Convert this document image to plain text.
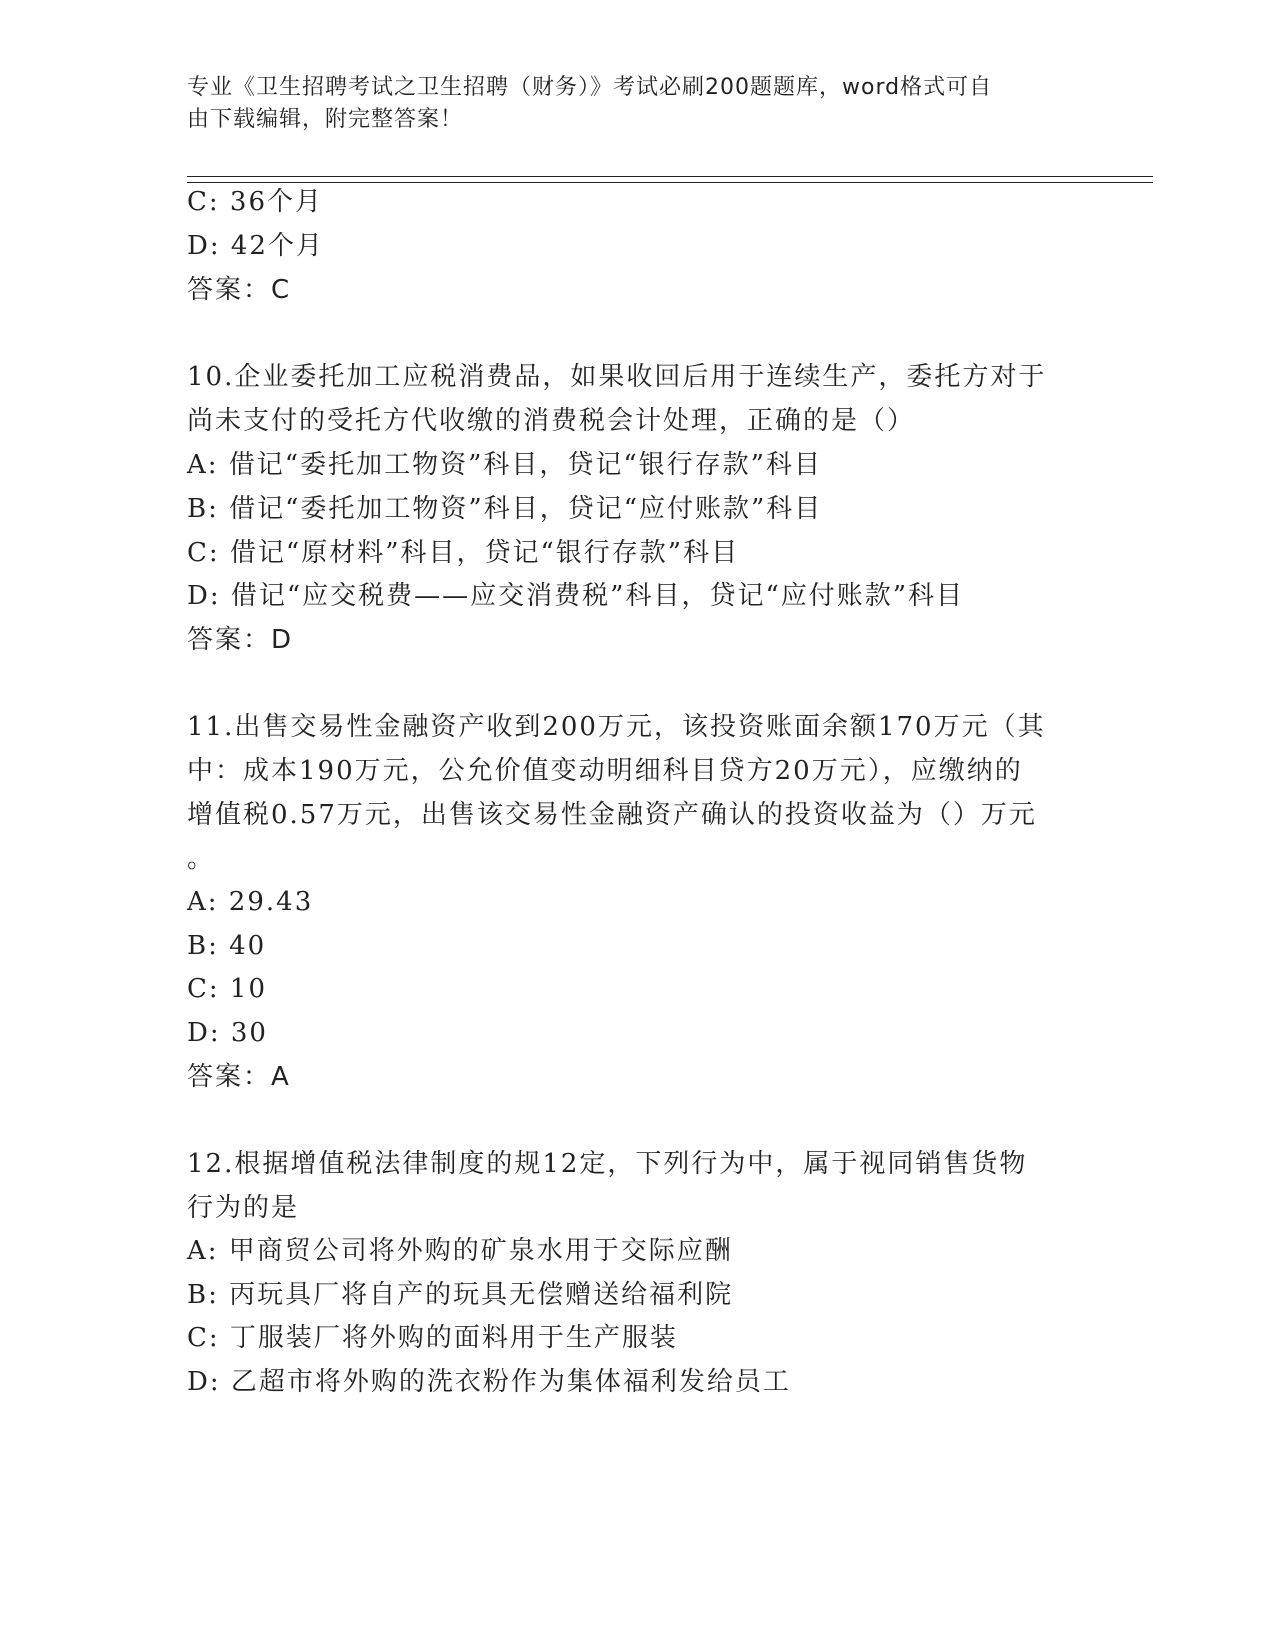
专业《卫生招聘考试之卫生招聘（财务）》考试必刷200题题库，word格式可自
由下载编辑，附完整答案！
C: 36个月
D: 42个月
答案：C
10.企业委托加工应税消费品，如果收回后用于连续生产，委托方对于
尚未支付的受托方代收缴的消费税会计处理，正确的是（）
A: 借记“委托加工物资”科目，贷记“银行存款”科目
B: 借记“委托加工物资”科目，贷记“应付账款”科目
C: 借记“原材料”科目，贷记“银行存款”科目
D: 借记“应交税费——应交消费税”科目，贷记“应付账款”科目
答案：D
11.出售交易性金融资产收到200万元，该投资账面余额170万元（其
中：成本190万元，公允价值变动明细科目贷方20万元），应缴纳的
增值税0.57万元，出售该交易性金融资产确认的投资收益为（）万元
。
A: 29.43
B: 40
C: 10
D: 30
答案：A
12.根据增值税法律制度的规12定，下列行为中，属于视同销售货物
行为的是
A: 甲商贸公司将外购的矿泉水用于交际应酬
B: 丙玩具厂将自产的玩具无偿赠送给福利院
C: 丁服装厂将外购的面料用于生产服装
D: 乙超市将外购的洗衣粉作为集体福利发给员工
